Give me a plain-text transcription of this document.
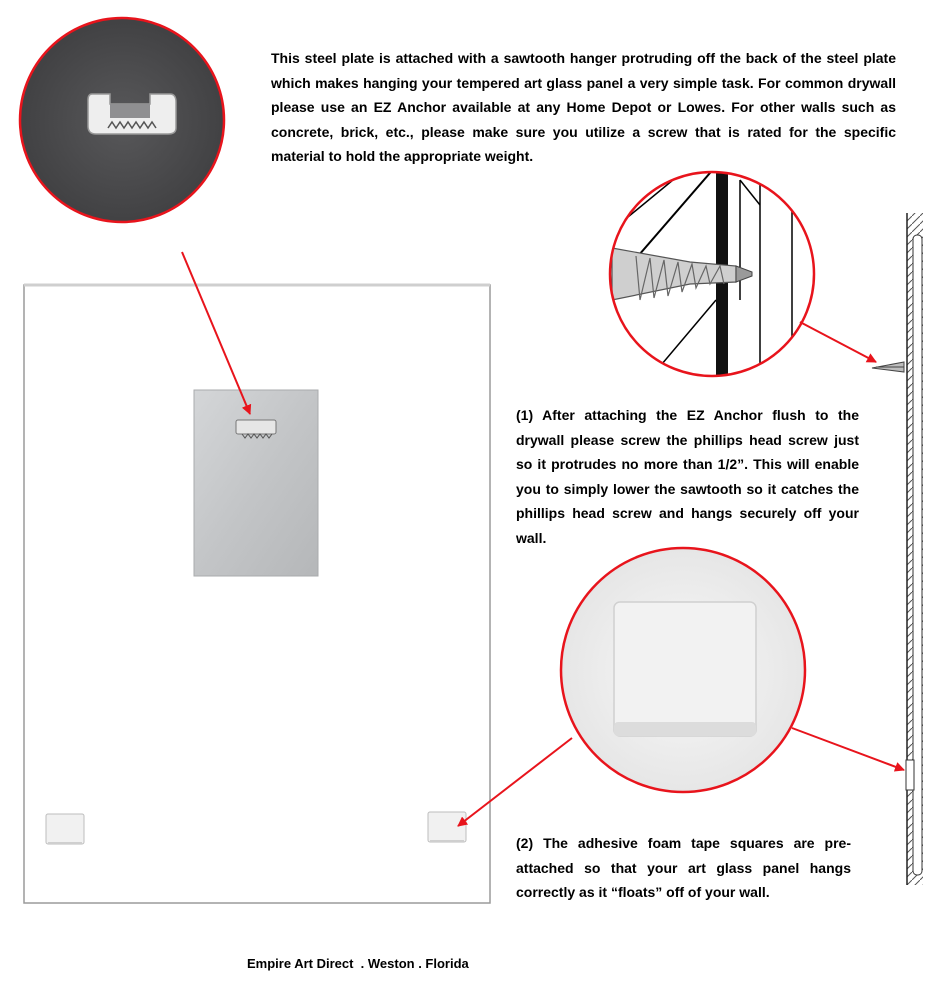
This steel plate is attached with a sawtooth hanger protruding off the back of the steel plate which makes hanging your tempered art glass panel a very simple task. For common drywall please use an EZ Anchor available at any Home Depot or Lowes. For other walls such as concrete, brick, etc., please make sure you utilize a screw that is rated for the specific material to hold the appropriate weight.

(1) After attaching the EZ Anchor flush to the drywall please screw the phillips head screw just so it protrudes no more than 1/2”. This will enable you to simply lower the sawtooth so it catches the phillips head screw and hangs securely off your wall.

(2) The adhesive foam tape squares are pre-attached so that your art glass panel hangs correctly as it “floats” off of your wall.

Empire Art Direct  . Weston . Florida
